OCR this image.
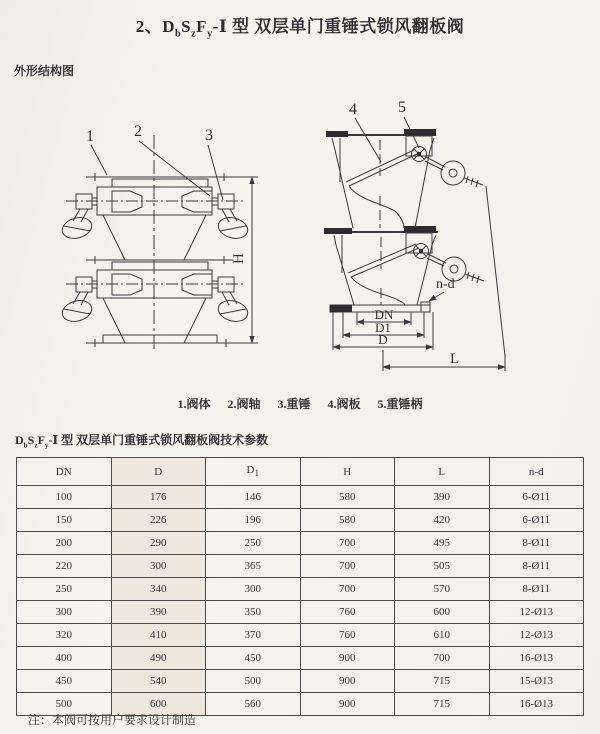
2、$D_bS_zF_y-Ⅰ$ 型 双层单门重锤式锁风翻板阀
外形结构图
1	2	3
H
4	5
n-d
DN
D1
D
L
1.阀体 2.阀轴 3.重锤 4.阀板 5.重锤柄
$D_bS_zF_y-Ⅰ$ 型 双层单门重锤式锁风翻板阀技术参数
DN	D	$D_1$	H	L	n-d
100	176	146	580	390	6-Ø11
150	226	196	580	420	6-Ø11
200	290	250	700	495	8-Ø11
220	300	365	700	505	8-Ø11
250	340	300	700	570	8-Ø11
300	390	350	760	600	12-Ø13
320	410	370	760	610	12-Ø13
400	490	450	900	700	16-Ø13
450	540	500	900	715	15-Ø13
500	600	560	900	715	16-Ø13
注：本阀可按用户要求设计制造
